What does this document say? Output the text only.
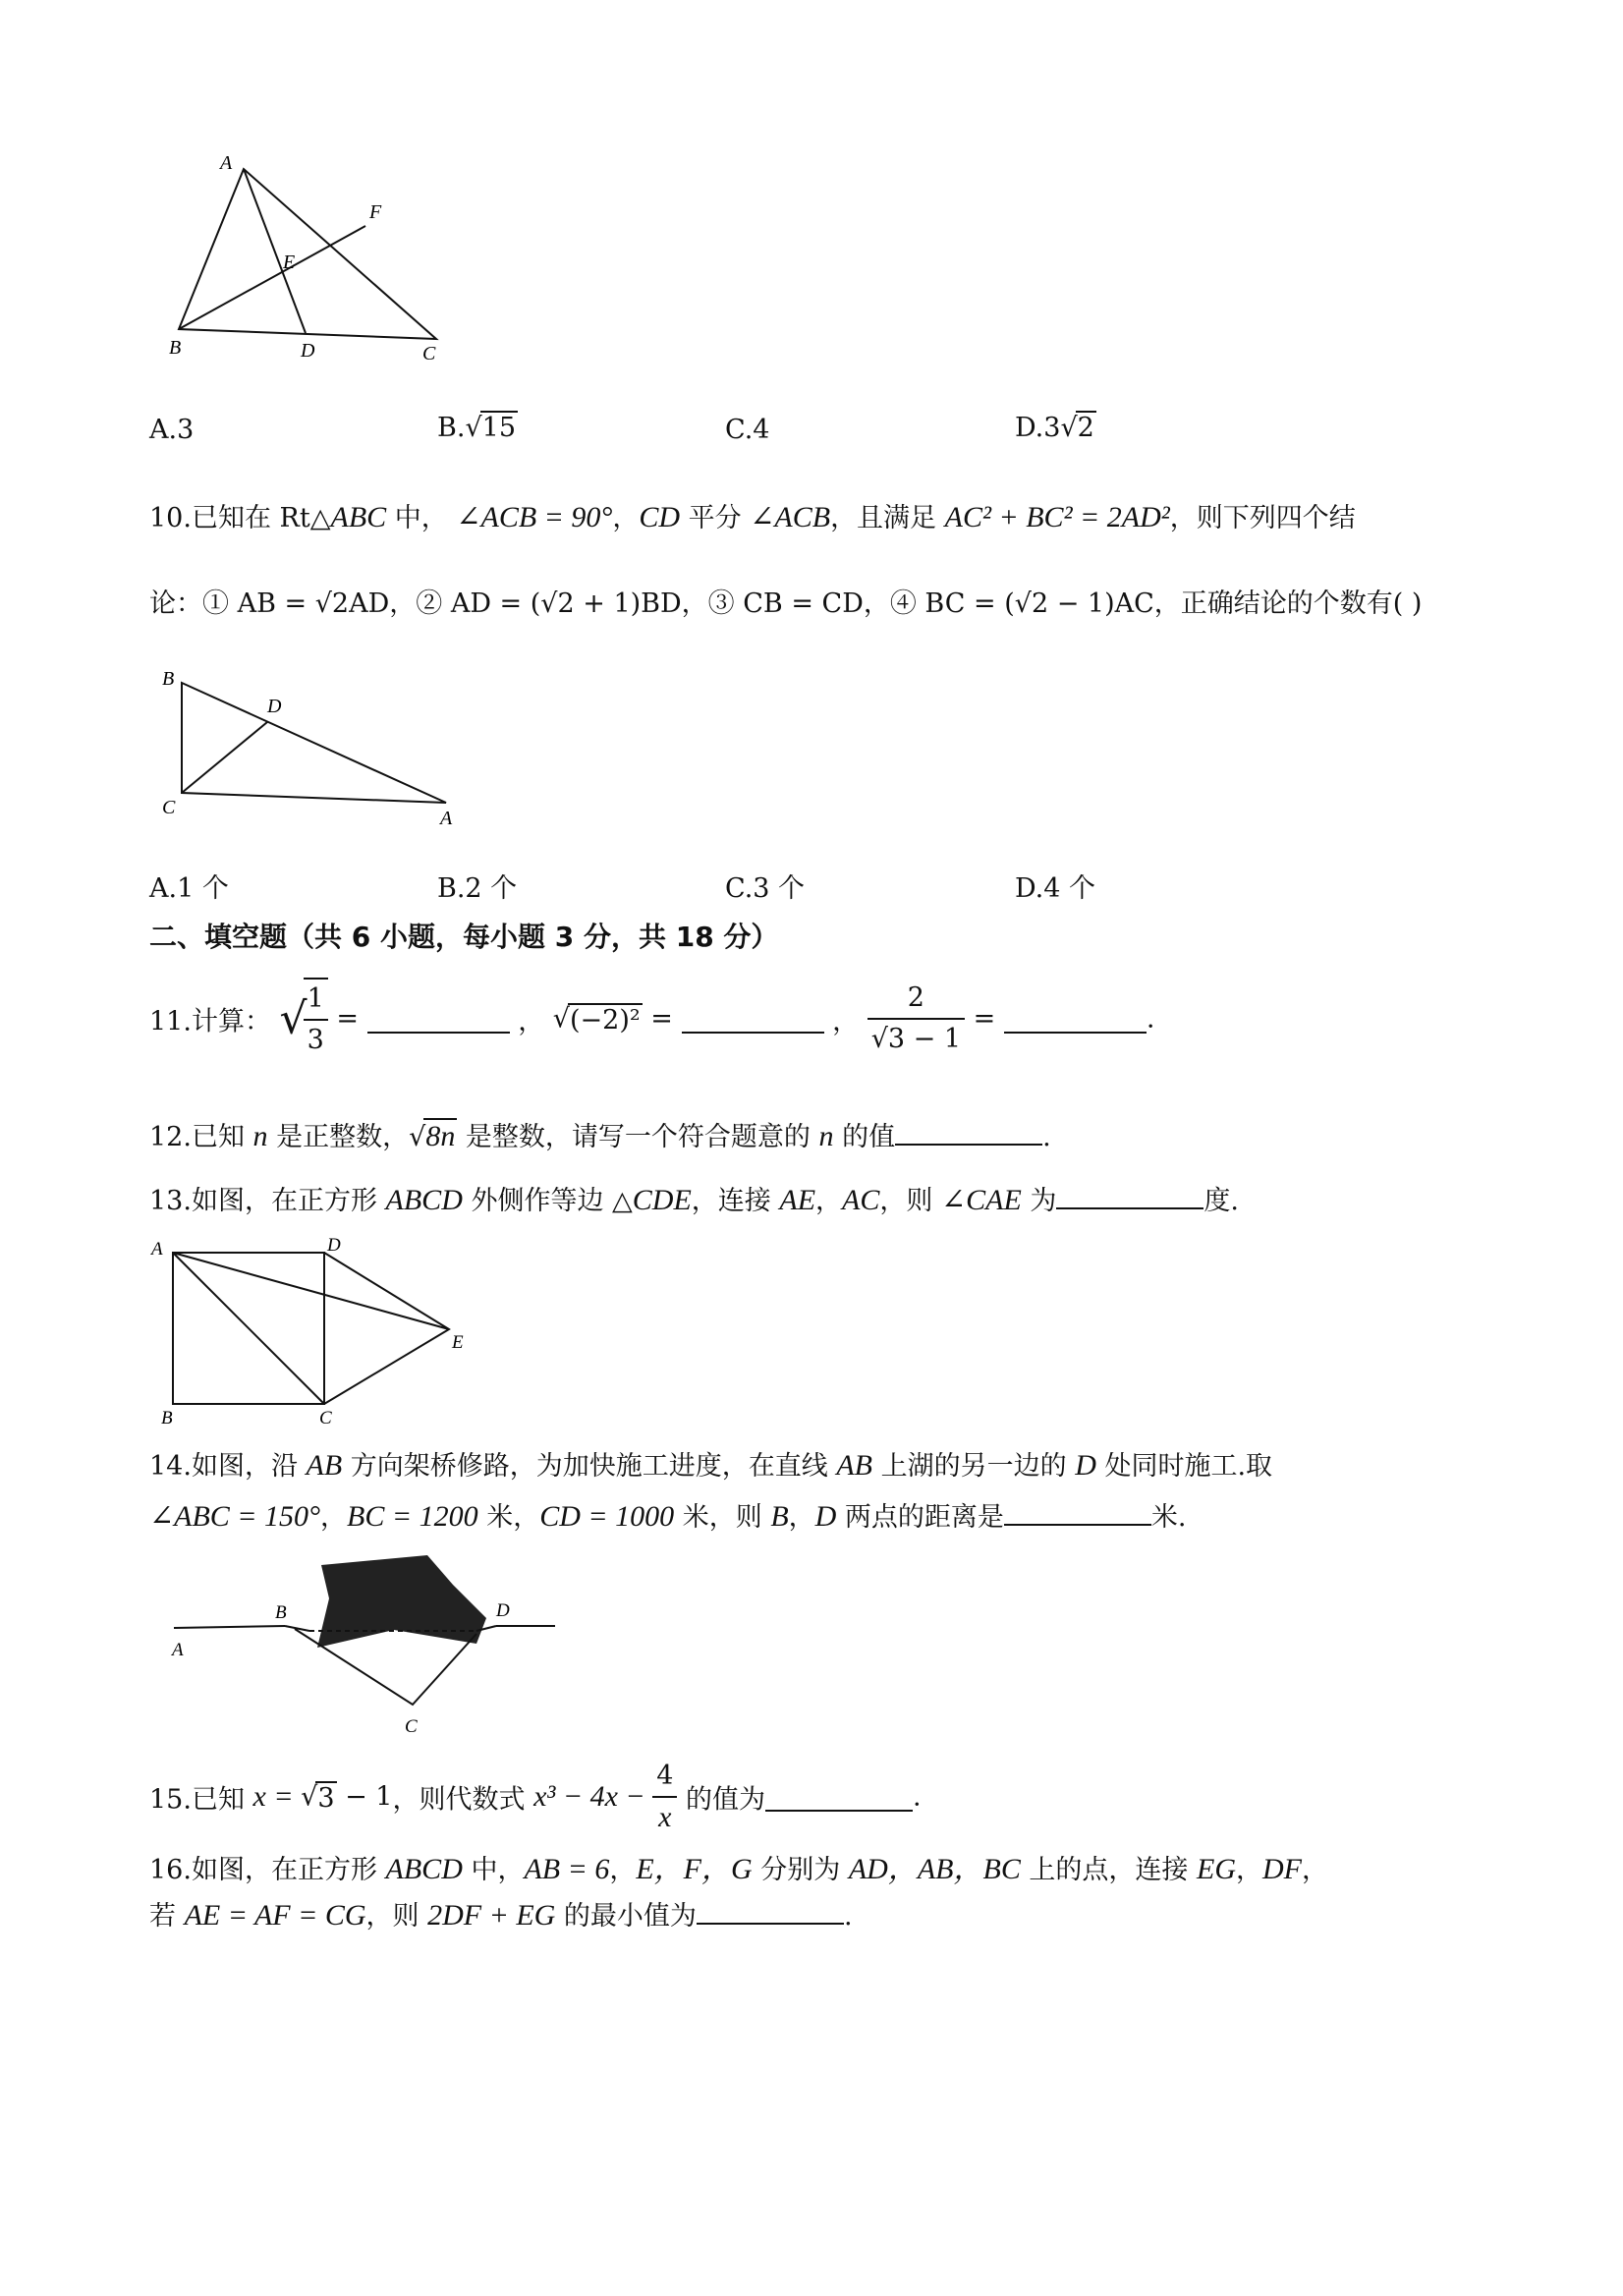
A
F
E
B	D	C
A.3	B.√15	C.4	D.3√2
10.已知在 Rt△ABC 中， ∠ACB = 90°，CD 平分 ∠ACB，且满足 AC² + BC² = 2AD²，则下列四个结
论：① AB = √2AD，② AD = (√2 + 1)BD，③ CB = CD，④ BC = (√2 − 1)AC，正确结论的个数有( )
B
D
C	A
A.1 个	B.2 个	C.3 个	D.4 个
二、填空题（共 6 小题，每小题 3 分，共 18 分）
11.计算： √
$\frac{1}{3}$ =	， √(−2)² =	， $\frac{2}{√3 - 1}$ =	.
12.已知 n 是正整数，√8n 是整数，请写一个符合题意的 n 的值	.
13.如图，在正方形 ABCD 外侧作等边 △CDE，连接 AE，AC，则 ∠CAE 为	度.
A	D
E
B	C
14.如图，沿 AB 方向架桥修路，为加快施工进度，在直线 AB 上湖的另一边的 D 处同时施工.取
∠ABC = 150°，BC = 1200 米，CD = 1000 米，则 B，D 两点的距离是	米.
A
B	D
C
15.已知 x = √3 − 1，则代数式 $x^3 - 4x - \frac{4}{x}$ 的值为	.
16.如图，在正方形 ABCD 中，AB = 6，E，F，G 分别为 AD，AB，BC 上的点，连接 EG，DF，
若 AE = AF = CG，则 2DF + EG 的最小值为	.
